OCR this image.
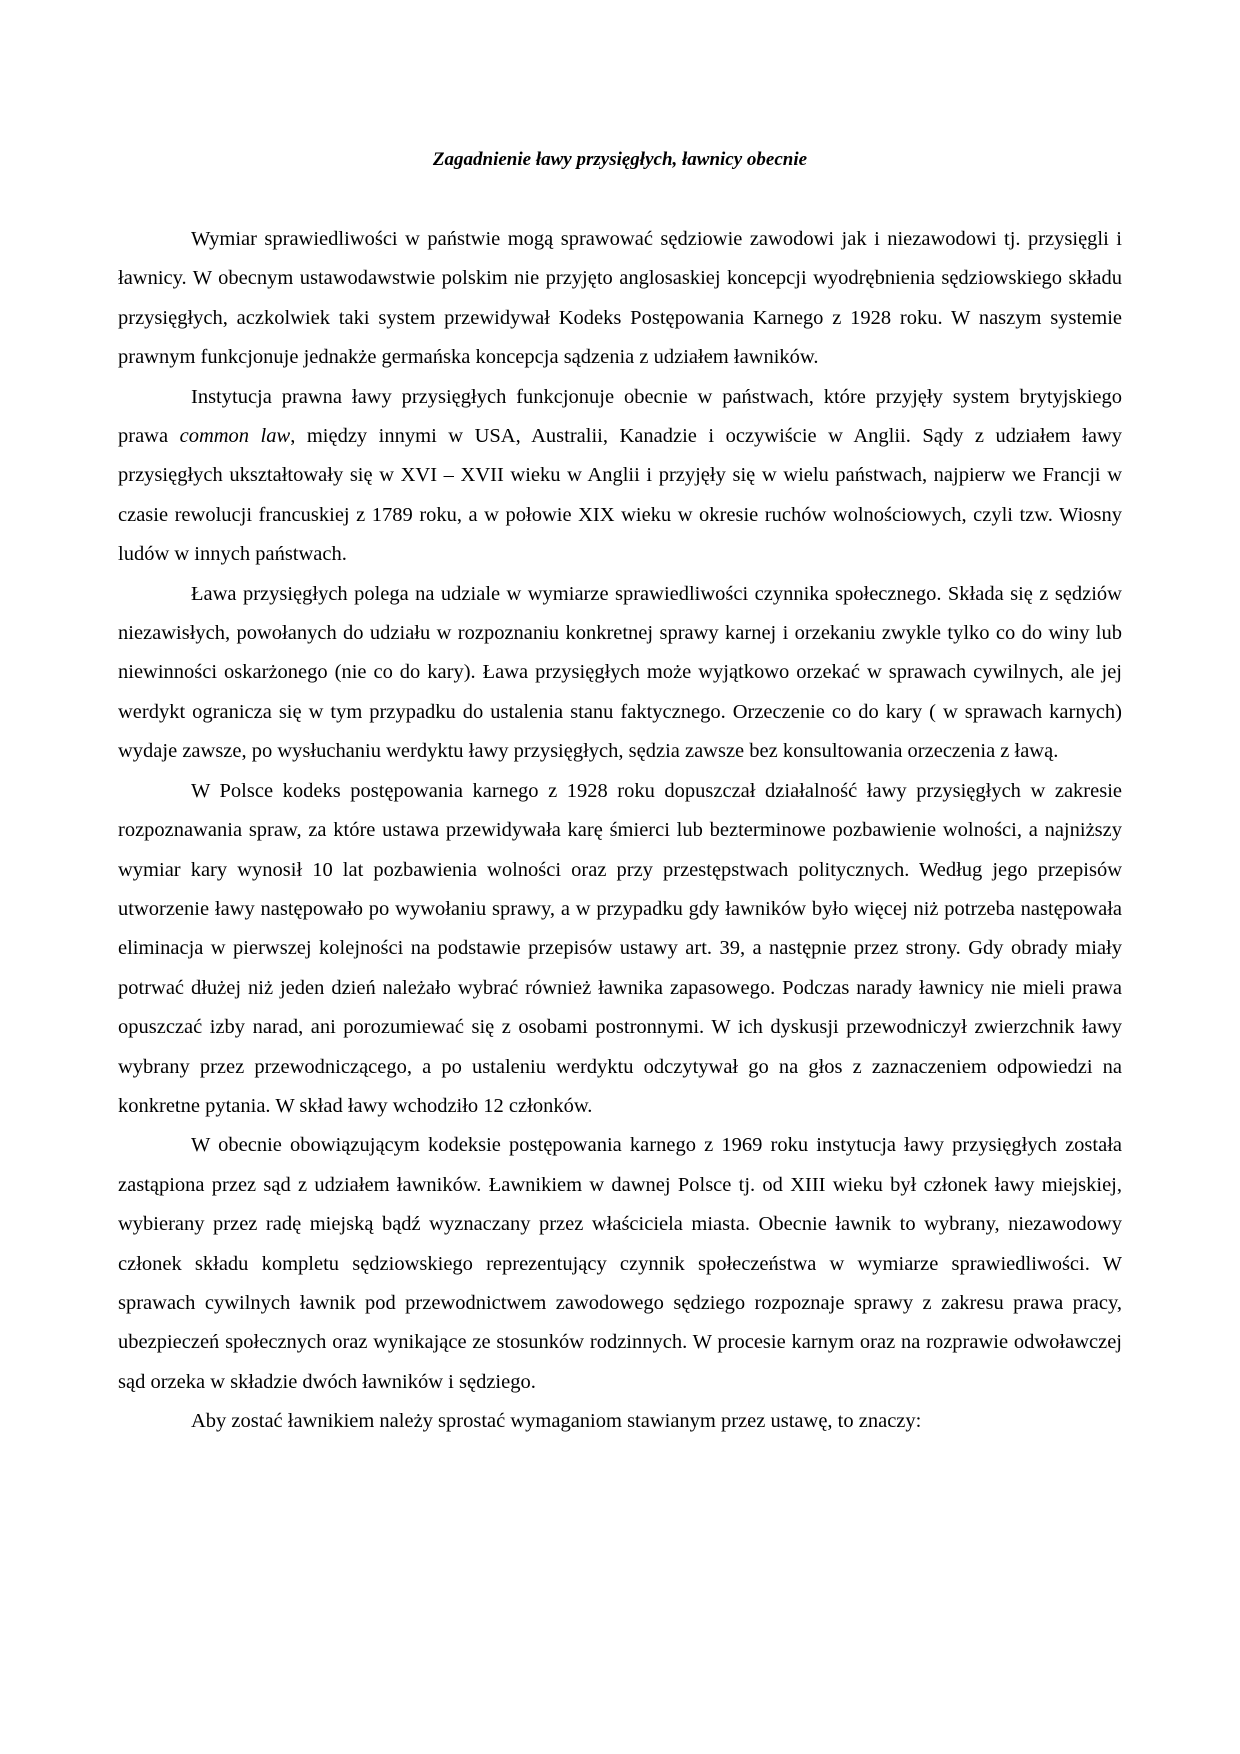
Zagadnienie ławy przysięgłych, ławnicy obecnie

Wymiar sprawiedliwości w państwie mogą sprawować sędziowie zawodowi jak i niezawodowi tj. przysięgli i ławnicy. W obecnym ustawodawstwie polskim nie przyjęto anglosaskiej koncepcji wyodrębnienia sędziowskiego składu przysięgłych, aczkolwiek taki system przewidywał Kodeks Postępowania Karnego z 1928 roku. W naszym systemie prawnym funkcjonuje jednakże germańska koncepcja sądzenia z udziałem ławników.

Instytucja prawna ławy przysięgłych funkcjonuje obecnie w państwach, które przyjęły system brytyjskiego prawa common law, między innymi w USA, Australii, Kanadzie i oczywiście w Anglii. Sądy z udziałem ławy przysięgłych ukształtowały się w XVI – XVII wieku w Anglii i przyjęły się w wielu państwach, najpierw we Francji w czasie rewolucji francuskiej z 1789 roku, a w połowie XIX wieku w okresie ruchów wolnościowych, czyli tzw. Wiosny ludów w innych państwach.

Ława przysięgłych polega na udziale w wymiarze sprawiedliwości czynnika społecznego. Składa się z sędziów niezawisłych, powołanych do udziału w rozpoznaniu konkretnej sprawy karnej i orzekaniu zwykle tylko co do winy lub niewinności oskarżonego (nie co do kary). Ława przysięgłych może wyjątkowo orzekać w sprawach cywilnych, ale jej werdykt ogranicza się w tym przypadku do ustalenia stanu faktycznego. Orzeczenie co do kary ( w sprawach karnych) wydaje zawsze, po wysłuchaniu werdyktu ławy przysięgłych, sędzia zawsze bez konsultowania orzeczenia z ławą.

W Polsce kodeks postępowania karnego z 1928 roku dopuszczał działalność ławy przysięgłych w zakresie rozpoznawania spraw, za które ustawa przewidywała karę śmierci lub bezterminowe pozbawienie wolności, a najniższy wymiar kary wynosił 10 lat pozbawienia wolności oraz przy przestępstwach politycznych. Według jego przepisów utworzenie ławy następowało po wywołaniu sprawy, a w przypadku gdy ławników było więcej niż potrzeba następowała eliminacja w pierwszej kolejności na podstawie przepisów ustawy art. 39, a następnie przez strony. Gdy obrady miały potrwać dłużej niż jeden dzień należało wybrać również ławnika zapasowego. Podczas narady ławnicy nie mieli prawa opuszczać izby narad, ani porozumiewać się z osobami postronnymi. W ich dyskusji przewodniczył zwierzchnik ławy wybrany przez przewodniczącego, a po ustaleniu werdyktu odczytywał go na głos z zaznaczeniem odpowiedzi na konkretne pytania. W skład ławy wchodziło 12 członków.

W obecnie obowiązującym kodeksie postępowania karnego z 1969 roku instytucja ławy przysięgłych została zastąpiona przez sąd z udziałem ławników. Ławnikiem w dawnej Polsce tj. od XIII wieku był członek ławy miejskiej, wybierany przez radę miejską bądź wyznaczany przez właściciela miasta. Obecnie ławnik to wybrany, niezawodowy członek składu kompletu sędziowskiego reprezentujący czynnik społeczeństwa w wymiarze sprawiedliwości. W sprawach cywilnych ławnik pod przewodnictwem zawodowego sędziego rozpoznaje sprawy z zakresu prawa pracy, ubezpieczeń społecznych oraz wynikające ze stosunków rodzinnych. W procesie karnym oraz na rozprawie odwoławczej sąd orzeka w składzie dwóch ławników i sędziego.

Aby zostać ławnikiem należy sprostać wymaganiom stawianym przez ustawę, to znaczy:
